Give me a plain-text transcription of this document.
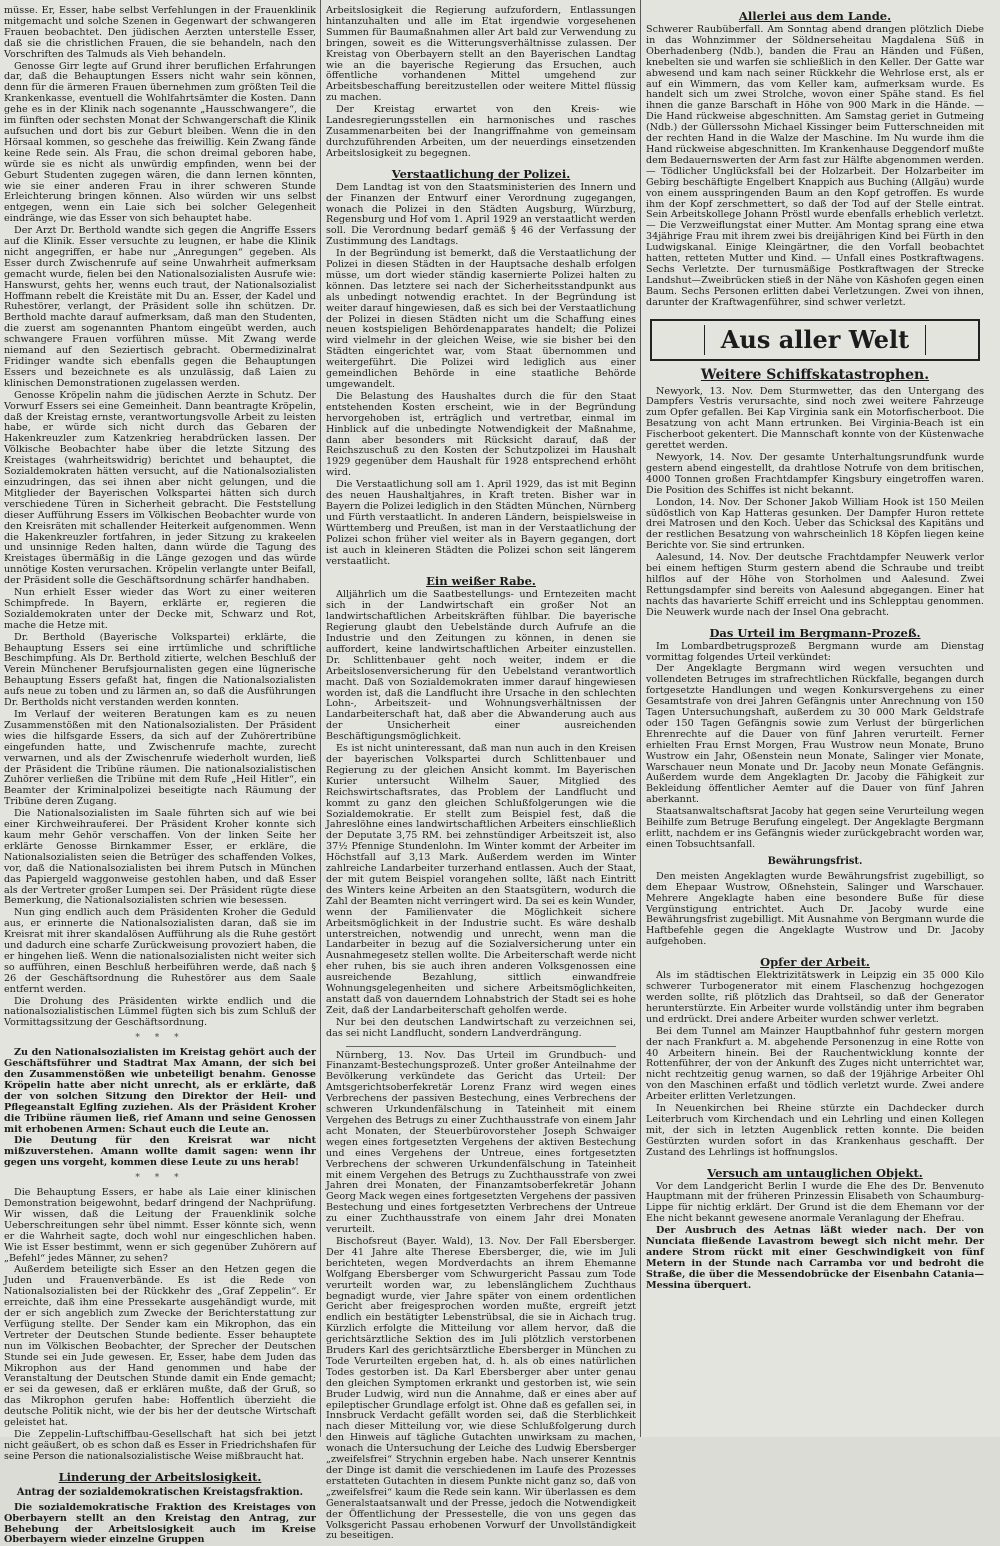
müsse. Er, Esser, habe selbst Verfehlungen in der Frauenklinik mitgemacht und solche Szenen in Gegenwart der schwangeren Frauen beobachtet. Den jüdischen Aerzten unterstelle Esser, daß sie die christlichen Frauen, die sie behandeln, nach den Vorschriften des Talmuds als Vieh behandeln.

Genosse Girr legte auf Grund ihrer beruflichen Erfahrungen dar, daß die Behauptungen Essers nicht wahr sein können, denn für die ärmeren Frauen übernehmen zum größten Teil die Krankenkasse, eventuell die Wohlfahrtsämter die Kosten. Dann gehe es in der Klinik nach sogenannte „Hausschwangere“, die im fünften oder sechsten Monat der Schwangerschaft die Klinik aufsuchen und dort bis zur Geburt bleiben. Wenn die in den Hörsaal kommen, so geschehe das freiwillig. Kein Zwang fände keine Rede sein. Als Frau, die schon dreimal geboren habe, würde sie es nicht als unwürdig empfinden, wenn bei der Geburt Studenten zugegen wären, die dann lernen könnten, wie sie einer anderen Frau in ihrer schweren Stunde Erleichterung bringen können. Also würden wir uns selbst entgegen, wenn ein Laie sich bei solcher Gelegenheit eindränge, wie das Esser von sich behauptet habe.

Der Arzt Dr. Berthold wandte sich gegen die Angriffe Essers auf die Klinik. Esser versuchte zu leugnen, er habe die Klinik nicht angegriffen, er habe nur „Anregungen“ gegeben. Als Esser durch Zwischenrufe auf seine Unwahrheit aufmerksam gemacht wurde, fielen bei den Nationalsozialisten Ausrufe wie: Hanswurst, gehts her, wenns euch traut, der Nationalsozialist Hoffmann rebelt die Kreistäte mit Du an. Esser, der Kadel und Ruhestörer, verlangt, der Präsident solle ihn schützen. Dr. Berthold machte darauf aufmerksam, daß man den Studenten, die zuerst am sogenannten Phantom eingeübt werden, auch schwangere Frauen vorführen müsse. Mit Zwang werde niemand auf den Seziertisch gebracht. Obermedizinalrat Fridinger wandte sich ebenfalls gegen die Behauptungen Essers und bezeichnete es als unzulässig, daß Laien zu klinischen Demonstrationen zugelassen werden.

Genosse Kröpelin nahm die jüdischen Aerzte in Schutz. Der Vorwurf Essers sei eine Gemeinheit. Dann beantragte Kröpelin, daß der Kreistag ernste, verantwortungsvolle Arbeit zu leisten habe, er würde sich nicht durch das Gebaren der Hakenkreuzler zum Katzenkrieg herabdrücken lassen. Der Völkische Beobachter habe über die letzte Sitzung des Kreistages (wahrheitswidrig) berichtet und behauptet, die Sozialdemokraten hätten versucht, auf die Nationalsozialisten einzudringen, das sei ihnen aber nicht gelungen, und die Mitglieder der Bayerischen Volkspartei hätten sich durch verschiedene Türen in Sicherheit gebracht. Die Feststellung dieser Aufführung Essers im Völkischen Beobachter wurde von den Kreisräten mit schallender Heiterkeit aufgenommen. Wenn die Hakenkreuzler fortfahren, in jeder Sitzung zu krakeelen und unsinnige Reden halten, dann würde die Tagung des Kreistages übermäßig in die Länge gezogen und das würde unnötige Kosten verursachen. Kröpelin verlangte unter Beifall, der Präsident solle die Geschäftsordnung schärfer handhaben.

Nun erhielt Esser wieder das Wort zu einer weiteren Schimpfrede. In Bayern, erklärte er, regieren die Sozialdemokraten unter der Decke mit, Schwarz und Rot, mache die Hetze mit.

Dr. Berthold (Bayerische Volkspartei) erklärte, die Behauptung Essers sei eine irrtümliche und schriftliche Beschimpfung. Als Dr. Berthold zitierte, welchen Beschluß der Verein Münchener Berufsjournalisten gegen eine lügnerische Behauptung Essers gefaßt hat, fingen die Nationalsozialisten aufs neue zu toben und zu lärmen an, so daß die Ausführungen Dr. Bertholds nicht verstanden werden konnten.

Im Verlauf der weiteren Beratungen kam es zu neuen Zusammenstößen mit den Nationalsozialisten. Der Präsident wies die hilfsgarde Essers, da sich auf der Zuhörertribüne eingefunden hatte, und Zwischenrufe machte, zurecht verwarnen, und als der Zwischenrufe wiederholt wurden, ließ der Präsident die Tribüne räumen. Die nationalsozialistischen Zuhörer verließen die Tribüne mit dem Rufe „Heil Hitler“, ein Beamter der Kriminalpolizei beseitigte nach Räumung der Tribüne deren Zugang.

Die Nationalsozialisten im Saale führten sich auf wie bei einer Kirchweihrauferei. Der Präsident Kroher konnte sich kaum mehr Gehör verschaffen. Von der linken Seite her erklärte Genosse Birnkammer Esser, er erkläre, die Nationalsozialisten seien die Betrüger des schaffenden Volkes, vor, daß die Nationalsozialisten bei ihrem Putsch in München das Papiergeld waggonweise gestohlen haben, und daß Esser als der Vertreter großer Lumpen sei. Der Präsident rügte diese Bemerkung, die Nationalsozialisten schrien wie besessen.

Nun ging endlich auch dem Präsidenten Kroher die Geduld aus, er erinnerte die Nationalsozialisten daran, daß sie im Kreisrat mit ihrer skandalösen Aufführung als die Ruhe gestört und dadurch eine scharfe Zurückweisung provoziert haben, die er hingehen ließ. Wenn die nationalsozialisten nicht weiter sich so aufführen, einen Beschluß herbeiführen werde, daß nach § 26 der Geschäftsordnung die Ruhestörer aus dem Saale entfernt werden.

Die Drohung des Präsidenten wirkte endlich und die nationalsozialistischen Lümmel fügten sich bis zum Schluß der Vormittagssitzung der Geschäftsordnung.

* * *

Zu den Nationalsozialisten im Kreistag gehört auch der Geschäftsführer und Stadtrat Max Amann, der sich bei den Zusammenstößen wie unbeteiligt benahm. Genosse Kröpelin hatte aber nicht unrecht, als er erklärte, daß der von solchen Sitzung den Direktor der Heil- und Pflegeanstalt Eglfing zuziehen. Als der Präsident Kroher die Tribüne räumen ließ, rief Amann und seine Genossen mit erhobenen Armen: Schaut euch die Leute an.

Die Deutung für den Kreisrat war nicht mißzuverstehen. Amann wollte damit sagen: wenn ihr gegen uns vorgeht, kommen diese Leute zu uns herab!

* * *

Die Behauptung Essers, er habe als Laie einer klinischen Demonstration beigewohnt, bedarf dringend der Nachprüfung. Wir wissen, daß die Leitung der Frauenklinik solche Ueberschreitungen sehr übel nimmt. Esser könnte sich, wenn er die Wahrheit sagte, doch wohl nur eingeschlichen haben. Wie ist Esser bestimmt, wenn er sich gegenüber Zuhörern auf „Befehl“ jedes Männer, zu sehen?

Außerdem beteiligte sich Esser an den Hetzen gegen die Juden und Frauenverbände. Es ist die Rede von Nationalsozialisten bei der Rückkehr des „Graf Zeppelin“. Er erreichte, daß ihm eine Pressekarte ausgehändigt wurde, mit der er sich angeblich zum Zwecke der Berichterstattung zur Verfügung stellte. Der Sender kam ein Mikrophon, das ein Vertreter der Deutschen Stunde bediente. Esser behauptete nun im Völkischen Beobachter, der Sprecher der Deutschen Stunde sei ein Jude gewesen. Er, Esser, habe dem Juden das Mikrophon aus der Hand genommen und habe der Veranstaltung der Deutschen Stunde damit ein Ende gemacht; er sei da gewesen, daß er erklären mußte, daß der Gruß, so das Mikrophon gerufen habe: Hoffentlich überzieht die deutsche Politik nicht, wie der bis her der deutsche Wirtschaft geleistet hat.

Die Zeppelin-Luftschiffbau-Gesellschaft hat sich bei jetzt nicht geäußert, ob es schon daß es Esser in Friedrichshafen für seine Person die nationalsozialistische Weise mißbraucht hat.

Linderung der Arbeitslosigkeit.
Antrag der sozialdemokratischen Kreistagsfraktion.

Die sozialdemokratische Fraktion des Kreistages von Oberbayern stellt an den Kreistag den Antrag, zur Behebung der Arbeitslosigkeit auch im Kreise Oberbayern wieder einzelne Gruppen

Arbeitslosigkeit die Regierung aufzufordern, Entlassungen hintanzuhalten und alle im Etat irgendwie vorgesehenen Summen für Baumaßnahmen aller Art bald zur Verwendung zu bringen, soweit es die Witterungsverhältnisse zulassen. Der Kreistag von Oberbayern stellt an den Bayerischen Landtag wie an die bayerische Regierung das Ersuchen, auch öffentliche vorhandenen Mittel umgehend zur Arbeitsbeschaffung bereitzustellen oder weitere Mittel flüssig zu machen.

Der Kreistag erwartet von den Kreis- wie Landesregierungsstellen ein harmonisches und rasches Zusammenarbeiten bei der Inangriffnahme von gemeinsam durchzuführenden Arbeiten, um der neuerdings einsetzenden Arbeitslosigkeit zu begegnen.

Verstaatlichung der Polizei.

Dem Landtag ist von den Staatsministerien des Innern und der Finanzen der Entwurf einer Verordnung zugegangen, wonach die Polizei in den Städten Augsburg, Würzburg, Regensburg und Hof vom 1. April 1929 an verstaatlicht werden soll. Die Verordnung bedarf gemäß § 46 der Verfassung der Zustimmung des Landtags.

In der Begründung ist bemerkt, daß die Verstaatlichung der Polizei in diesen Städten in der Hauptsache deshalb erfolgen müsse, um dort wieder ständig kasernierte Polizei halten zu können. Das letztere sei nach der Sicherheitsstandpunkt aus als unbedingt notwendig erachtet. In der Begründung ist weiter darauf hingewiesen, daß es sich bei der Verstaatlichung der Polizei in diesen Städten nicht um die Schaffung eines neuen kostspieligen Behördenapparates handelt; die Polizei wird vielmehr in der gleichen Weise, wie sie bisher bei den Städten eingerichtet war, vom Staat übernommen und weitergeführt. Die Polizei wird lediglich aus einer gemeindlichen Behörde in eine staatliche Behörde umgewandelt.

Die Belastung des Haushaltes durch die für den Staat entstehenden Kosten erscheint, wie in der Begründung hervorgehoben ist, erträglich und vertretbar, einmal im Hinblick auf die unbedingte Notwendigkeit der Maßnahme, dann aber besonders mit Rücksicht darauf, daß der Reichszuschuß zu den Kosten der Schutzpolizei im Haushalt 1929 gegenüber dem Haushalt für 1928 entsprechend erhöht wird.

Die Verstaatlichung soll am 1. April 1929, das ist mit Beginn des neuen Haushaltjahres, in Kraft treten. Bisher war in Bayern die Polizei lediglich in den Städten München, Nürnberg und Fürth verstaatlicht. In anderen Ländern, beispielsweise in Württemberg und Preußen, ist man in der Verstaatlichung der Polizei schon früher viel weiter als in Bayern gegangen, dort ist auch in kleineren Städten die Polizei schon seit längerem verstaatlicht.

Ein weißer Rabe.

Alljährlich um die Saatbestellungs- und Erntezeiten macht sich in der Landwirtschaft ein großer Not an landwirtschaftlichen Arbeitskräften fühlbar. Die bayerische Regierung glaubt den Uebelstände durch Aufrufe an die Industrie und den Zeitungen zu können, in denen sie auffordert, keine landwirtschaftlichen Arbeiter einzustellen. Dr. Schlittenbauer geht noch weiter, indem er die Arbeitslosenversicherung für den Uebelstand verantwortlich macht. Daß von Sozialdemokraten immer darauf hingewiesen worden ist, daß die Landflucht ihre Ursache in den schlechten Lohn-, Arbeitszeit- und Wohnungsverhältnissen der Landarbeiterschaft hat, daß aber die Abwanderung auch aus der Unsicherheit einer ausreichenden Beschäftigungsmöglichkeit.

Es ist nicht uninteressant, daß man nun auch in den Kreisen der bayerischen Volkspartei durch Schlittenbauer und Regierung zu der gleichen Ansicht kommt. Im Bayerischen Kurier untersucht Wilhelm Sauer, Mitglied des Reichswirtschaftsrates, das Problem der Landflucht und kommt zu ganz den gleichen Schlußfolgerungen wie die Sozialdemokratie. Er stellt zum Beispiel fest, daß die Jahreslöhne eines landwirtschaftlichen Arbeiters einschließlich der Deputate 3,75 RM. bei zehnstündiger Arbeitszeit ist, also 37½ Pfennige Stundenlohn. Im Winter kommt der Arbeiter im Höchstfall auf 3,13 Mark. Außerdem werden im Winter zahlreiche Landarbeiter turzerhand entlassen. Auch der Staat, der mit gutem Beispiel vorangehen sollte, läßt nach Eintritt des Winters keine Arbeiten an den Staatsgütern, wodurch die Zahl der Beamten nicht verringert wird. Da sei es kein Wunder, wenn der Familienvater die Möglichkeit sichere Arbeitsmöglichkeit in der Industrie sucht. Es wäre deshalb unterstreichen, notwendig und unrecht, wenn man die Landarbeiter in bezug auf die Sozialversicherung unter ein Ausnahmegesetz stellen wollte. Die Arbeiterschaft werde nicht eher ruhen, bis sie auch ihren anderen Volksgenossen eine ausreichende Bezahlung, sittlich einwandfreie Wohnungsgelegenheiten und sichere Arbeitsmöglichkeiten, anstatt daß von dauerndem Lohnabstrich der Stadt sei es hohe Zeit, daß der Landarbeiterschaft geholfen werde.

Nur bei den deutschen Landwirtschaft zu verzeichnen sei, das sei nicht Landflucht, sondern Landverdrängung.

Nürnberg, 13. Nov. Das Urteil im Grundbuch- und Finanzamt-Bestechungsprozeß. Unter großer Anteilnahme der Bevölkerung verkündete das Gericht das Urteil: Der Amtsgerichtsoberfekretär Lorenz Franz wird wegen eines Verbrechens der passiven Bestechung, eines Verbrechens der schweren Urkundenfälschung in Tateinheit mit einem Vergehen des Betrugs zu einer Zuchthausstrafe von einem Jahr acht Monaten, der Steuerbürovorsteher Joseph Schwaiger wegen eines fortgesetzten Vergehens der aktiven Bestechung und eines Vergehens der Untreue, eines fortgesetzten Verbrechens der schweren Urkundenfälschung in Tateinheit mit einem Vergehen des Betrugs zu Zuchthausstrafe von zwei Jahren drei Monaten, der Finanzamtsoberfekretär Johann Georg Mack wegen eines fortgesetzten Vergehens der passiven Bestechung und eines fortgesetzten Verbrechens der Untreue zu einer Zuchthausstrafe von einem Jahr drei Monaten verurteilt.

Bischofsreut (Bayer. Wald), 13. Nov. Der Fall Ebersberger. Der 41 Jahre alte Therese Ebersberger, die, wie im Juli berichteten, wegen Mordverdachts an ihrem Ehemanne Wolfgang Ebersberger vom Schwurgericht Passau zum Tode verurteilt worden war, zu lebenslänglichem Zuchthaus begnadigt wurde, vier Jahre später von einem ordentlichen Gericht aber freigesprochen worden mußte, ergreift jetzt endlich ein bestätigter Lebenstrübsal, die sie in Aichach trug. Kürzlich erfolgte die Mitteilung vor allem hervor, daß die gerichtsärztliche Sektion des im Juli plötzlich verstorbenen Bruders Karl des gerichtsärztliche Ebersberger in München zu Tode Verurteilten ergeben hat, d. h. als ob eines natürlichen Todes gestorben ist. Da Karl Ebersberger aber unter genau den gleichen Symptomen erkrankt und gestorben ist, wie sein Bruder Ludwig, wird nun die Annahme, daß er eines aber auf epileptischer Grundlage erfolgt ist. Ohne daß es gefallen sei, in Innsbruck Verdacht gefällt worden sei, daß die Sterblichkeit nach dieser Mitteilung vor, wie diese Schlußfolgerung durch den Hinweis auf tägliche Gutachten unwirksam zu machen, wonach die Untersuchung der Leiche des Ludwig Ebersberger „zweifelsfrei“ Strychnin ergeben habe. Nach unserer Kenntnis der Dinge ist damit die verschiedenen im Laufe des Prozesses erstatteten Gutachten in diesem Punkte nicht ganz so, daß von „zweifelsfrei“ kaum die Rede sein kann. Wir überlassen es dem Generalstaatsanwalt und der Presse, jedoch die Notwendigkeit der Öffentlichung der Pressestelle, die von uns gegen das Volksgericht Passau erhobenen Vorwurf der Unvollständigkeit zu beseitigen.

Allerlei aus dem Lande.

Schwerer Raubüberfall. Am Sonntag abend drangen plötzlich Diebe in das Wohnzimmer der Söldnerseheitau Magdalena Süß in Oberhadenberg (Ndb.), banden die Frau an Händen und Füßen, knebelten sie und warfen sie schließlich in den Keller. Der Gatte war abwesend und kam nach seiner Rückkehr die Wehrlose erst, als er auf ein Wimmern, das vom Keller kam, aufmerksam wurde. Es handelt sich um zwei Strolche, wovon einer Spähe stand. Es fiel ihnen die ganze Barschaft in Höhe von 900 Mark in die Hände. — Die Hand rückweise abgeschnitten. Am Samstag geriet in Gutmeing (Ndb.) der Güllerssohn Michael Kissinger beim Futterschneiden mit der rechten Hand in die Walze der Maschine. Im Nu wurde ihm die Hand rückweise abgeschnitten. Im Krankenhause Deggendorf mußte dem Bedauernswerten der Arm fast zur Hälfte abgenommen werden. — Tödlicher Unglücksfall bei der Holzarbeit. Der Holzarbeiter im Gebirg beschäftigte Engelbert Knappich aus Buching (Allgäu) wurde von einem ausspringenden Baum an den Kopf getroffen. Es wurde ihm der Kopf zerschmettert, so daß der Tod auf der Stelle eintrat. Sein Arbeitskollege Johann Pröstl wurde ebenfalls erheblich verletzt. — Die Verzweiflungstat einer Mutter. Am Montag sprang eine etwa 34jährige Frau mit ihrem zwei bis dreijährigen Kind bei Fürth in den Ludwigskanal. Einige Kleingärtner, die den Vorfall beobachtet hatten, retteten Mutter und Kind. — Unfall eines Postkraftwagens. Sechs Verletzte. Der turnusmäßige Postkraftwagen der Strecke Landshut—Zweibrücken stieß in der Nähe von Käshofen gegen einen Baum. Sechs Personen erlitten dabei Verletzungen. Zwei von ihnen, darunter der Kraftwagenführer, sind schwer verletzt.

Aus aller Welt
Weitere Schiffskatastrophen.

Newyork, 13. Nov. Dem Sturmwetter, das den Untergang des Dampfers Vestris verursachte, sind noch zwei weitere Fahrzeuge zum Opfer gefallen. Bei Kap Virginia sank ein Motorfischerboot. Die Besatzung von acht Mann ertrunken. Bei Virginia-Beach ist ein Fischerboot gekentert. Die Mannschaft konnte von der Küstenwache gerettet werden.

Newyork, 14. Nov. Der gesamte Unterhaltungsrundfunk wurde gestern abend eingestellt, da drahtlose Notrufe von dem britischen, 4000 Tonnen großen Frachtdampfer Kingsbury eingetroffen waren. Die Position des Schiffes ist nicht bekannt.

London, 14. Nov. Der Schoner Jakob William Hook ist 150 Meilen südöstlich von Kap Hatteras gesunken. Der Dampfer Huron rettete drei Matrosen und den Koch. Ueber das Schicksal des Kapitäns und der restlichen Besatzung von wahrscheinlich 18 Köpfen liegen keine Berichte vor. Sie sind ertrunken.

Aalesund, 14. Nov. Der deutsche Frachtdampfer Neuwerk verlor bei einem heftigen Sturm gestern abend die Schraube und treibt hilflos auf der Höhe von Storholmen und Aalesund. Zwei Rettungsdampfer sind bereits von Aalesund abgegangen. Einer hat nachts das havarierte Schiff erreicht und ins Schlepptau genommen. Die Neuwerk wurde nach der Insel Ona gebracht.

Das Urteil im Bergmann-Prozeß.

Im Lombardbetrugsprozeß Bergmann wurde am Dienstag vormittag folgendes Urteil verkündet:

Der Angeklagte Bergmann wird wegen versuchten und vollendeten Betruges im strafrechtlichen Rückfalle, begangen durch fortgesetzte Handlungen und wegen Konkursvergehens zu einer Gesamtstrafe von drei Jahren Gefängnis unter Anrechnung von 150 Tagen Untersuchungshaft, außerdem zu 30 000 Mark Geldstrafe oder 150 Tagen Gefängnis sowie zum Verlust der bürgerlichen Ehrenrechte auf die Dauer von fünf Jahren verurteilt. Ferner erhielten Frau Ernst Morgen, Frau Wustrow neun Monate, Bruno Wustrow ein Jahr, Oßenstein neun Monate, Salinger vier Monate, Warschauer neun Monate und Dr. Jacoby neun Monate Gefängnis. Außerdem wurde dem Angeklagten Dr. Jacoby die Fähigkeit zur Bekleidung öffentlicher Aemter auf die Dauer von fünf Jahren aberkannt.

Staatsanwaltschaftsrat Jacoby hat gegen seine Verurteilung wegen Beihilfe zum Betruge Berufung eingelegt. Der Angeklagte Bergmann erlitt, nachdem er ins Gefängnis wieder zurückgebracht worden war, einen Tobsuchtsanfall.

Bewährungsfrist.

Den meisten Angeklagten wurde Bewährungsfrist zugebilligt, so dem Ehepaar Wustrow, Oßnehstein, Salinger und Warschauer. Mehrere Angeklagte haben eine besondere Buße für diese Vergünstigung entrichtet. Auch Dr. Jacoby wurde eine Bewährungsfrist zugebilligt. Mit Ausnahme von Bergmann wurde die Haftbefehle gegen die Angeklagte Wustrow und Dr. Jacoby aufgehoben.

Opfer der Arbeit.

Als im städtischen Elektrizitätswerk in Leipzig ein 35 000 Kilo schwerer Turbogenerator mit einem Flaschenzug hochgezogen werden sollte, riß plötzlich das Drahtseil, so daß der Generator herunterstürzte. Ein Arbeiter wurde vollständig unter ihm begraben und erdrückt. Drei andere Arbeiter wurden schwer verletzt.

Bei dem Tunnel am Mainzer Hauptbahnhof fuhr gestern morgen der nach Frankfurt a. M. abgehende Personenzug in eine Rotte von 40 Arbeitern hinein. Bei der Rauchentwicklung konnte der Rottenführer, der von der Ankunft des Zuges nicht unterrichtet war, nicht rechtzeitig genug warnen, so daß der 19jährige Arbeiter Ohl von den Maschinen erfaßt und tödlich verletzt wurde. Zwei andere Arbeiter erlitten Verletzungen.

In Neuenkirchen bei Rheine stürzte ein Dachdecker durch Leiterbruch vom Kirchendach und ein Lehrling und einen Kollegen mit, der sich in letzten Augenblick retten konnte. Die beiden Gestürzten wurden sofort in das Krankenhaus geschafft. Der Zustand des Lehrlings ist hoffnungslos.

Versuch am untauglichen Objekt.

Vor dem Landgericht Berlin I wurde die Ehe des Dr. Benvenuto Hauptmann mit der früheren Prinzessin Elisabeth von Schaumburg-Lippe für nichtig erklärt. Der Grund ist die dem Ehemann vor der Ehe nicht bekannt gewesene anormale Veranlagung der Ehefrau.

Der Ausbruch des Aetnas läßt wieder nach. Der von Nunciata fließende Lavastrom bewegt sich nicht mehr. Der andere Strom rückt mit einer Geschwindigkeit von fünf Metern in der Stunde nach Carramba vor und bedroht die Straße, die über die Messendobrücke der Eisenbahn Catania—Messina überquert.
